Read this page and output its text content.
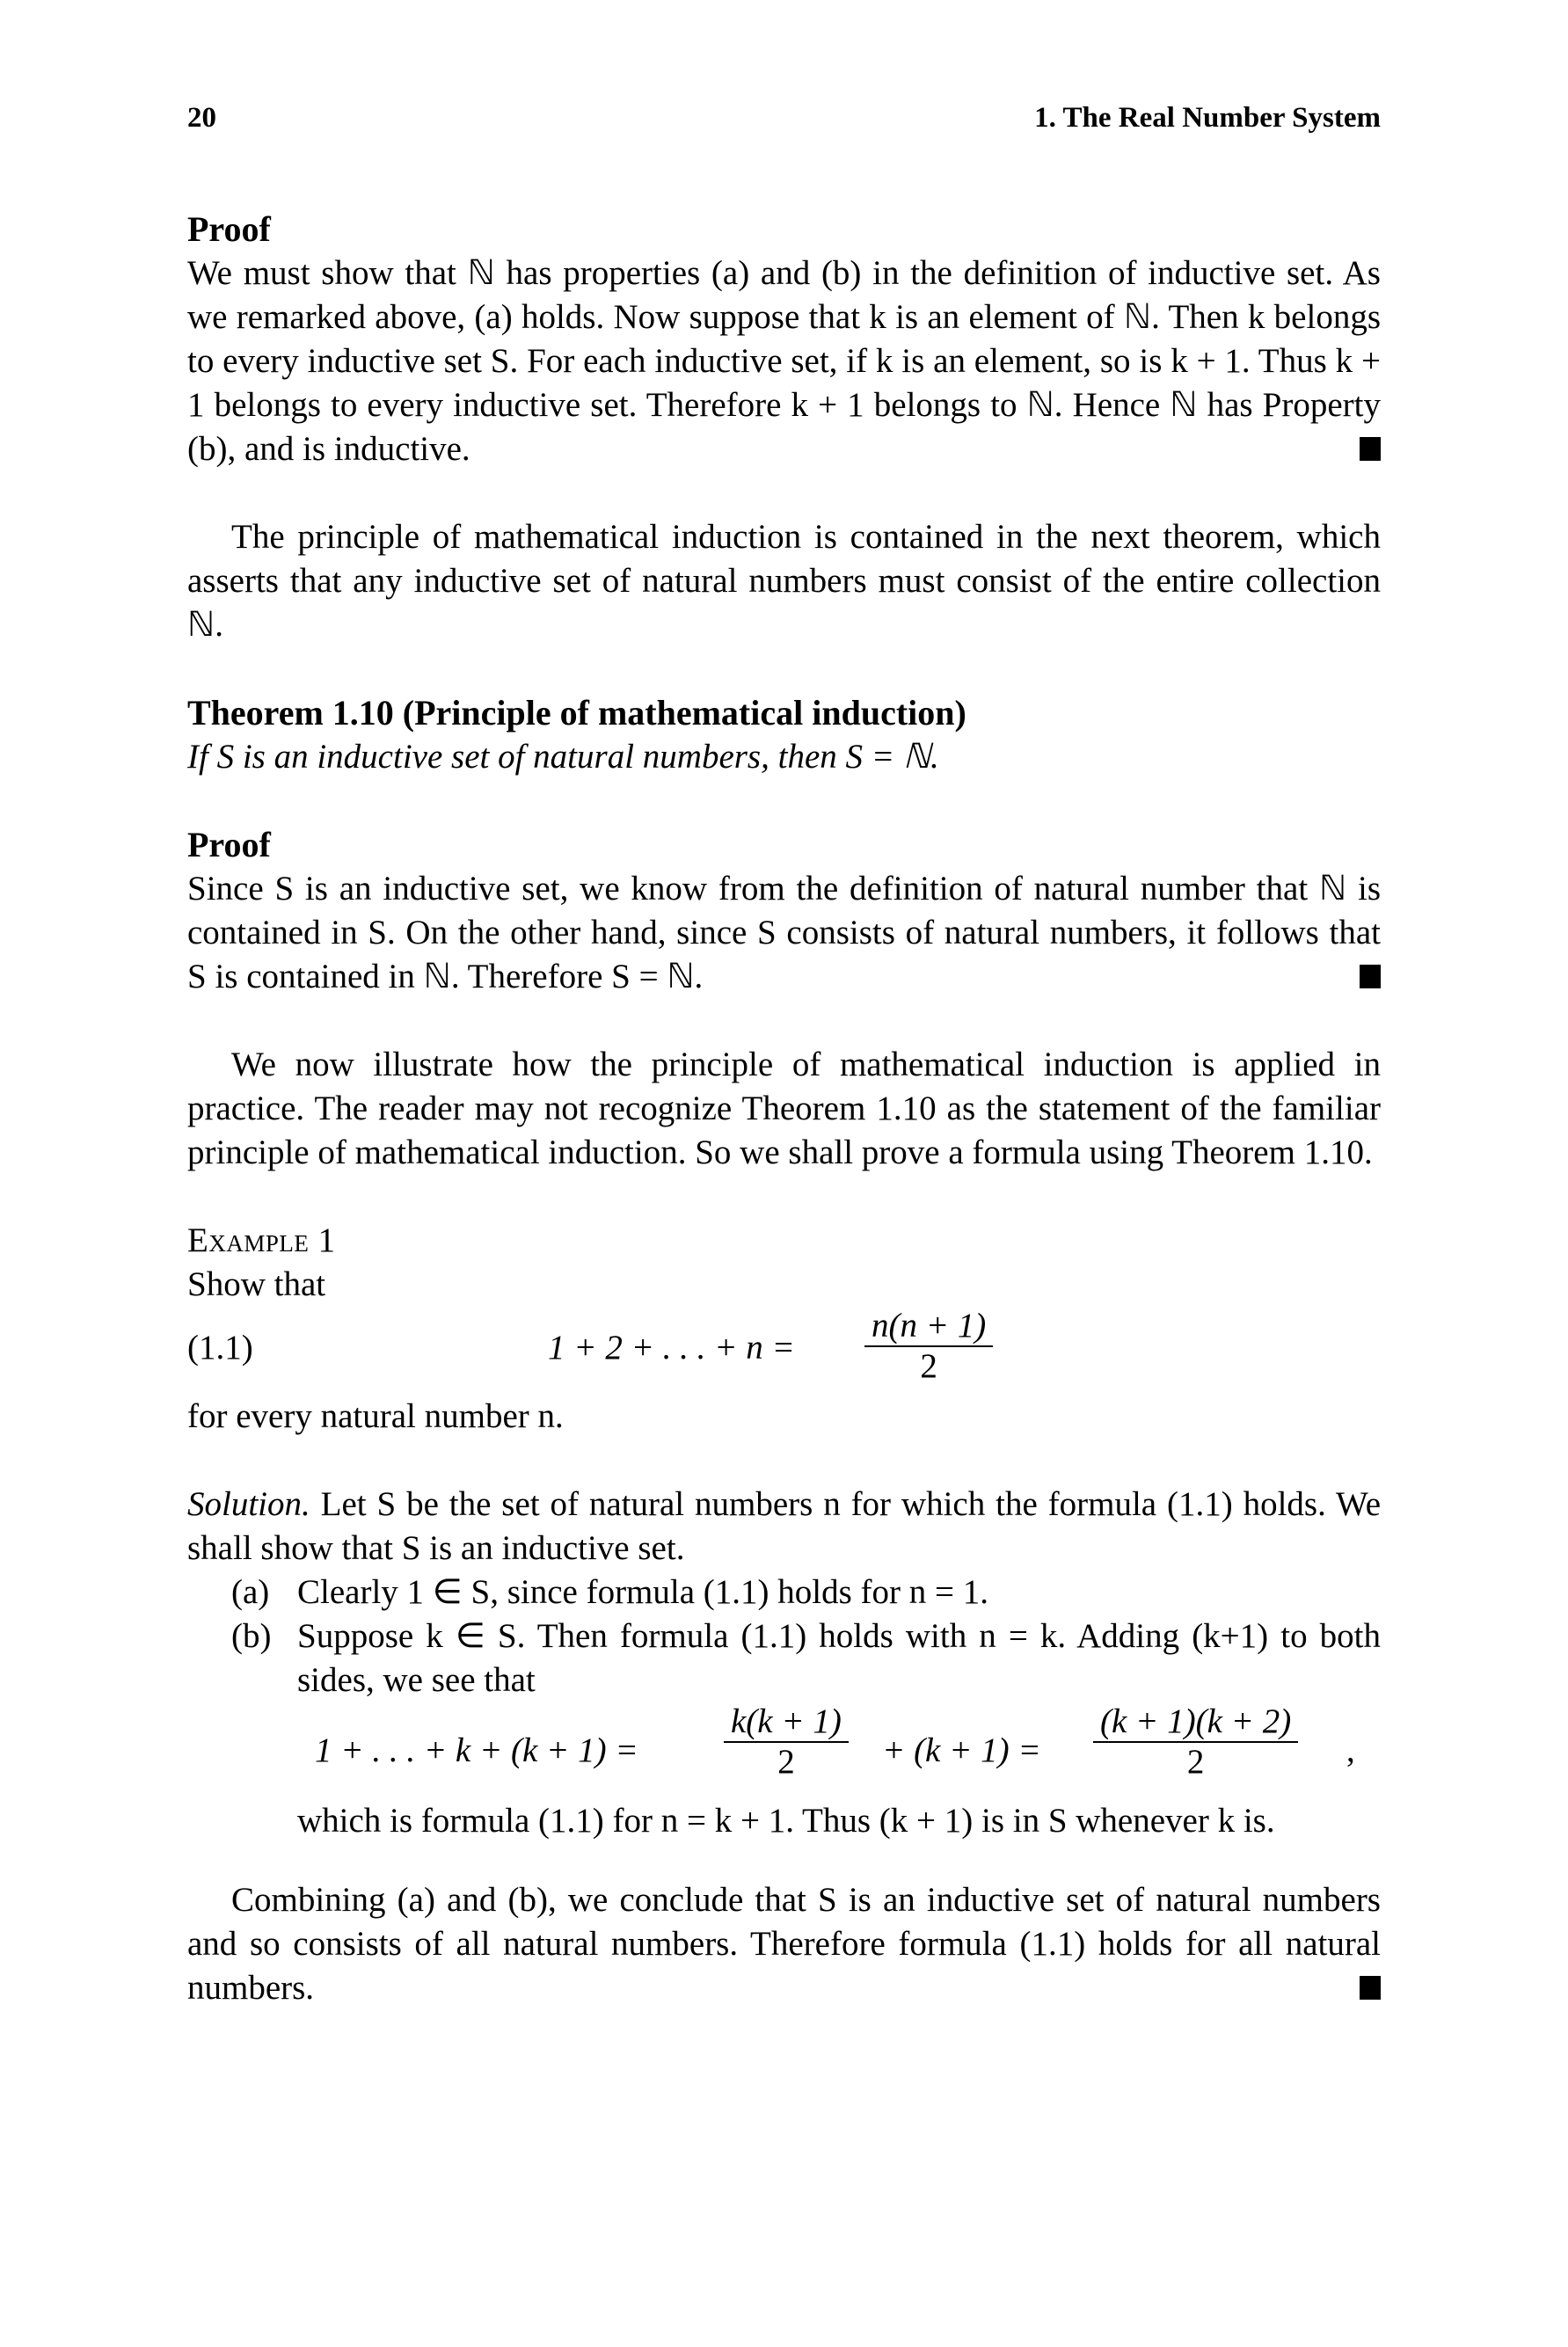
20	1. The Real Number System
Proof
We must show that ℕ has properties (a) and (b) in the definition of inductive set. As we remarked above, (a) holds. Now suppose that k is an element of ℕ. Then k belongs to every inductive set S. For each inductive set, if k is an element, so is k + 1. Thus k + 1 belongs to every inductive set. Therefore k + 1 belongs to ℕ. Hence ℕ has Property (b), and is inductive.
The principle of mathematical induction is contained in the next theorem, which asserts that any inductive set of natural numbers must consist of the entire collection ℕ.
Theorem 1.10 (Principle of mathematical induction)
If S is an inductive set of natural numbers, then S = ℕ.
Proof
Since S is an inductive set, we know from the definition of natural number that ℕ is contained in S. On the other hand, since S consists of natural numbers, it follows that S is contained in ℕ. Therefore S = ℕ.
We now illustrate how the principle of mathematical induction is applied in practice. The reader may not recognize Theorem 1.10 as the statement of the familiar principle of mathematical induction. So we shall prove a formula using Theorem 1.10.
Example 1
Show that
(1.1)	1 + 2 + . . . + $n = \frac{n(n + 1)}{2}$
for every natural number n.
Solution. Let S be the set of natural numbers n for which the formula (1.1) holds. We shall show that S is an inductive set.
(a) Clearly 1 ∈ S, since formula (1.1) holds for n = 1.
(b) Suppose k ∈ S. Then formula (1.1) holds with n = k. Adding (k+1) to both sides, we see that
1 + . . . + $k + (k + 1) = \frac{k(k + 1)}{2} + (k + 1) = \frac{(k + 1)(k + 2)}{2}$ ,
which is formula (1.1) for n = k + 1. Thus (k + 1) is in S whenever k is.
Combining (a) and (b), we conclude that S is an inductive set of natural numbers and so consists of all natural numbers. Therefore formula (1.1) holds for all natural numbers.
